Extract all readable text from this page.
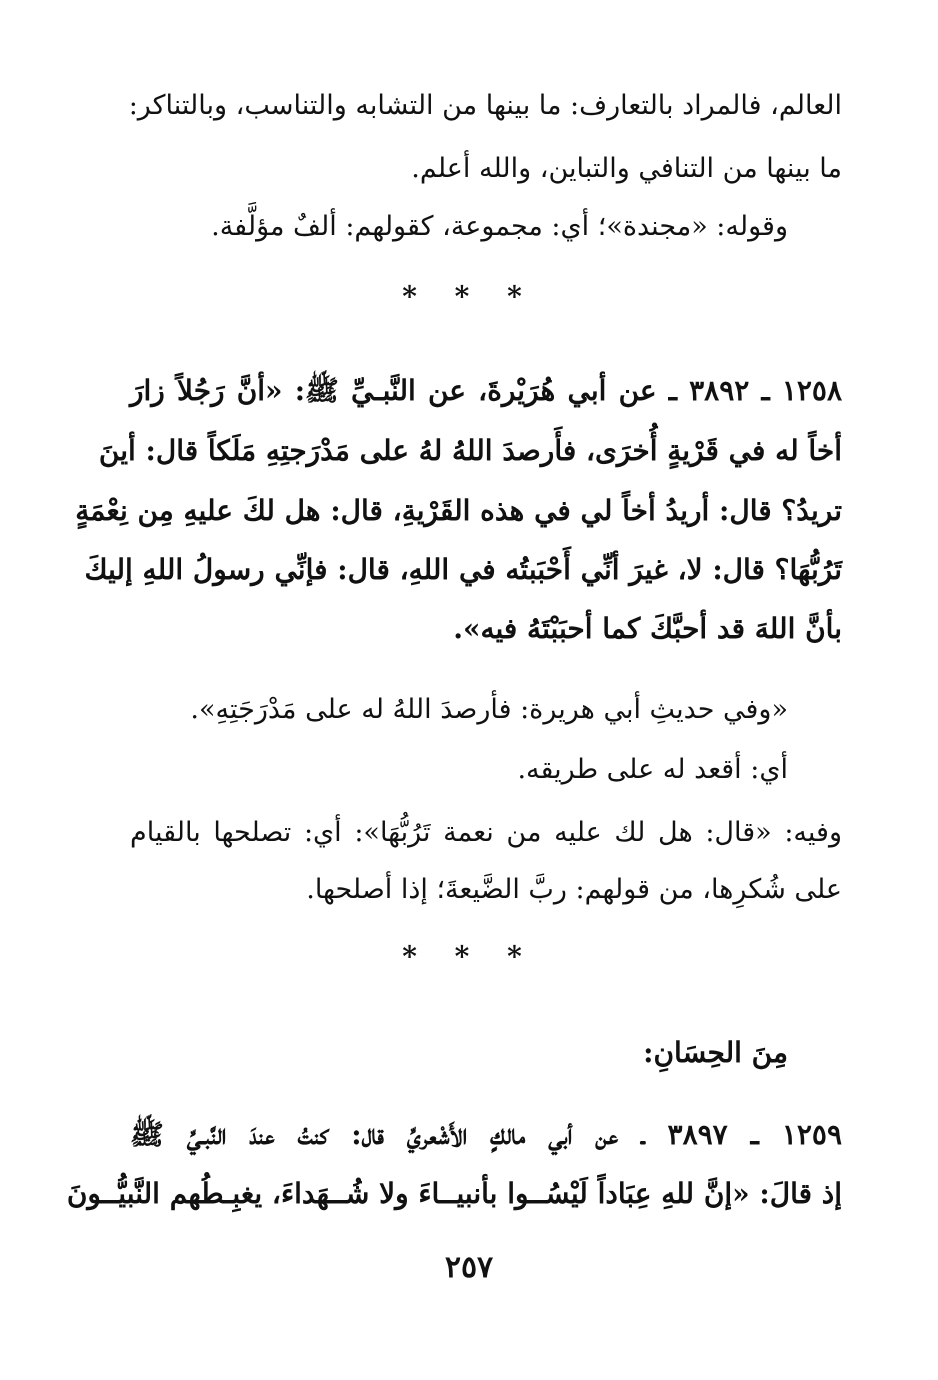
العالم، فالمراد بالتعارف: ما بينها من التشابه والتناسب، وبالتناكر:
ما بينها من التنافي والتباين، والله أعلم.
وقوله: «مجندة»؛ أي: مجموعة، كقولهم: ألفٌ مؤلَّفة.
* * *
١٢٥٨ ـ ٣٨٩٢ ـ عن أبي هُرَيْرةَ، عن النَّبـيِّ ﷺ: «أنَّ رَجُلاً زارَ
أخاً له في قَرْيةٍ أُخرَى، فأَرصدَ اللهُ لهُ على مَدْرَجتِهِ مَلَكاً قال: أينَ
تريدُ؟ قال: أريدُ أخاً لي في هذه القَرْيةِ، قال: هل لكَ عليهِ مِن نِعْمَةٍ
تَرُبُّهَا؟ قال: لا، غيرَ أنِّي أَحْبَبتُه في اللهِ، قال: فإنِّي رسولُ اللهِ إليكَ
بأنَّ اللهَ قد أحبَّكَ كما أحبَبْتَهُ فيه».
«وفي حديثِ أبي هريرة: فأرصدَ اللهُ له على مَدْرَجَتِهِ».
أي: أقعد له على طريقه.
وفيه: «قال: هل لك عليه من نعمة تَرُبُّهَا»: أي: تصلحها بالقيام
على شُكرِها، من قولهم: ربَّ الضَّيعةَ؛ إذا أصلحها.
* * *
مِنَ الحِسَانِ:
١٢٥٩ ـ ٣٨٩٧ ـ عن أبي مالكٍ الأَشْعريِّ قال: كنتُ عندَ النَّبـيِّ ﷺ
إذ قالَ: «إنَّ للهِ عِبَاداً لَيْسُــوا بأنبيــاءَ ولا شُــهَداءَ، يغبِـطُهم النَّبيُّــونَ
٢٥٧
